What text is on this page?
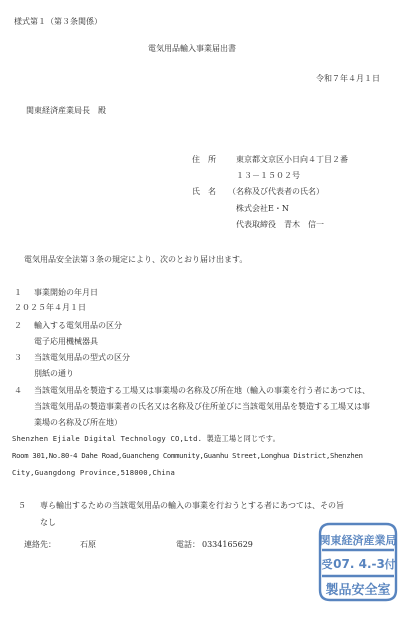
様式第１（第３条関係）
電気用品輸入事業届出書
令和７年４月１日
関東経済産業局長　殿
住　所	東京都文京区小日向４丁目２番
１３－１５０２号
氏　名 （名称及び代表者の氏名）
株式会社E・N
代表取締役　青木　信一
電気用品安全法第３条の規定により、次のとおり届け出ます。
１ 事業開始の年月日
２０２５年４月１日
２ 輸入する電気用品の区分
電子応用機械器具
３ 当該電気用品の型式の区分
別紙の通り
４ 当該電気用品を製造する工場又は事業場の名称及び所在地（輸入の事業を行う者にあつては、
当該電気用品の製造事業者の氏名又は名称及び住所並びに当該電気用品を製造する工場又は事
業場の名称及び所在地）
Shenzhen Ejiale Digital Technology CO,Ltd. 製造工場と同じです。
Room 301,No.80-4 Dahe Road,Guancheng Community,Guanhu Street,Longhua District,Shenzhen
City,Guangdong Province,518000,China
５ 専ら輸出するための当該電気用品の輸入の事業を行おうとする者にあつては、その旨
なし
連絡先：	石原	電話： 0334165629	関東経済産業局
受 07. 4.-3 付
製品安全室
